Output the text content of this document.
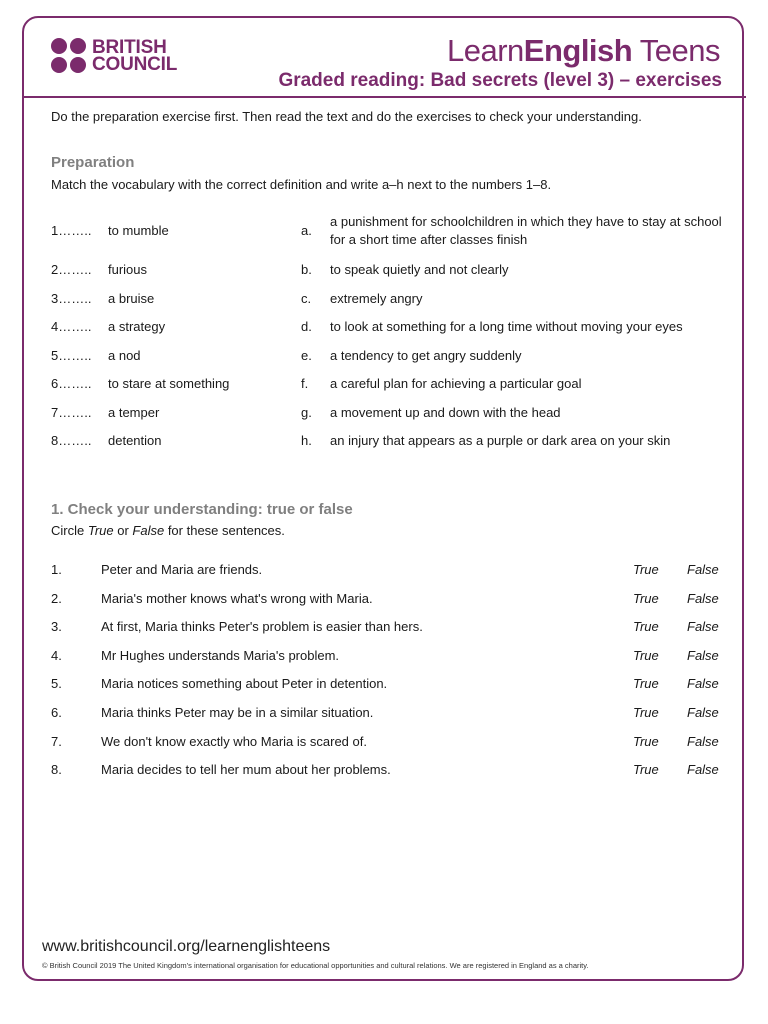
BRITISH
COUNCIL	LearnEnglish Teens
Graded reading: Bad secrets (level 3) – exercises
Do the preparation exercise first. Then read the text and do the exercises to check your understanding.
Preparation
Match the vocabulary with the correct definition and write a–h next to the numbers 1–8.
1…….. to mumble	a.
a punishment for schoolchildren in which they have to stay at school for a short time after classes finish
2…….. furious	b. to speak quietly and not clearly
3…….. a bruise	c. extremely angry
4…….. a strategy	d. to look at something for a long time without moving your eyes
5…….. a nod	e. a tendency to get angry suddenly
6…….. to stare at something	f. a careful plan for achieving a particular goal
7…….. a temper	g. a movement up and down with the head
8…….. detention	h. an injury that appears as a purple or dark area on your skin
1. Check your understanding: true or false
Circle True or False for these sentences.
1.	Peter and Maria are friends.	True False
2.	Maria's mother knows what's wrong with Maria.	True False
3.	At first, Maria thinks Peter's problem is easier than hers.	True False
4.	Mr Hughes understands Maria's problem.	True False
5.	Maria notices something about Peter in detention.	True False
6.	Maria thinks Peter may be in a similar situation.	True False
7.	We don't know exactly who Maria is scared of.	True False
8.	Maria decides to tell her mum about her problems.	True False
www.britishcouncil.org/learnenglishteens
© British Council 2019 The United Kingdom’s international organisation for educational opportunities and cultural relations. We are registered in England as a charity.
